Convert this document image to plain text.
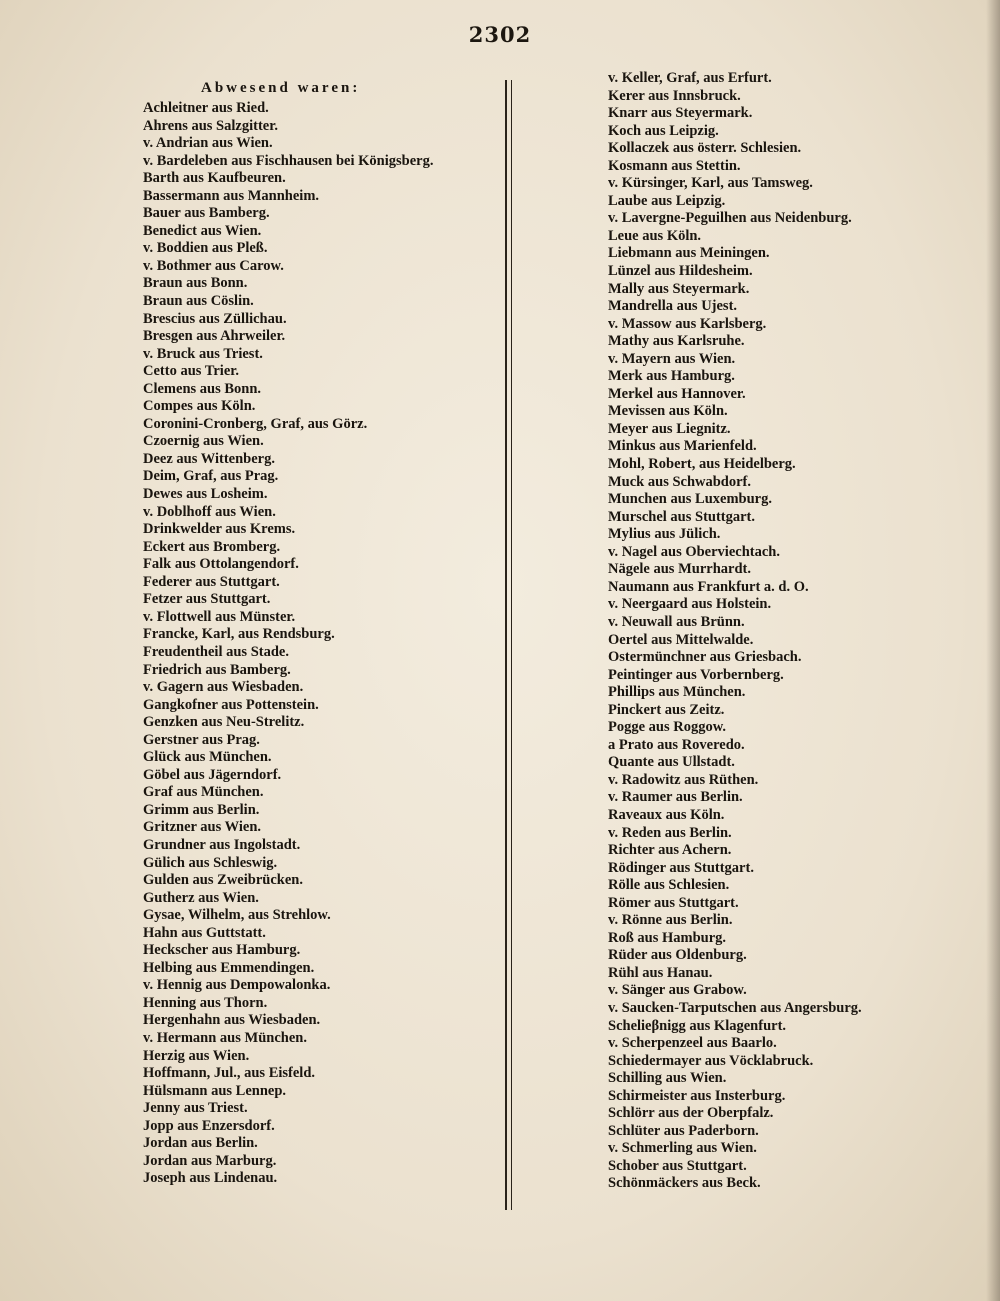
2302
Abwesend waren:
Achleitner aus Ried.
Ahrens aus Salzgitter.
v. Andrian aus Wien.
v. Bardeleben aus Fischhausen bei Königsberg.
Barth aus Kaufbeuren.
Bassermann aus Mannheim.
Bauer aus Bamberg.
Benedict aus Wien.
v. Boddien aus Pleß.
v. Bothmer aus Carow.
Braun aus Bonn.
Braun aus Cöslin.
Brescius aus Züllichau.
Bresgen aus Ahrweiler.
v. Bruck aus Triest.
Cetto aus Trier.
Clemens aus Bonn.
Compes aus Köln.
Coronini-Cronberg, Graf, aus Görz.
Czoernig aus Wien.
Deez aus Wittenberg.
Deim, Graf, aus Prag.
Dewes aus Losheim.
v. Doblhoff aus Wien.
Drinkwelder aus Krems.
Eckert aus Bromberg.
Falk aus Ottolangendorf.
Federer aus Stuttgart.
Fetzer aus Stuttgart.
v. Flottwell aus Münster.
Francke, Karl, aus Rendsburg.
Freudentheil aus Stade.
Friedrich aus Bamberg.
v. Gagern aus Wiesbaden.
Gangkofner aus Pottenstein.
Genzken aus Neu-Strelitz.
Gerstner aus Prag.
Glück aus München.
Göbel aus Jägerndorf.
Graf aus München.
Grimm aus Berlin.
Gritzner aus Wien.
Grundner aus Ingolstadt.
Gülich aus Schleswig.
Gulden aus Zweibrücken.
Gutherz aus Wien.
Gysae, Wilhelm, aus Strehlow.
Hahn aus Guttstatt.
Heckscher aus Hamburg.
Helbing aus Emmendingen.
v. Hennig aus Dempowalonka.
Henning aus Thorn.
Hergenhahn aus Wiesbaden.
v. Hermann aus München.
Herzig aus Wien.
Hoffmann, Jul., aus Eisfeld.
Hülsmann aus Lennep.
Jenny aus Triest.
Jopp aus Enzersdorf.
Jordan aus Berlin.
Jordan aus Marburg.
Joseph aus Lindenau.
v. Keller, Graf, aus Erfurt.
Kerer aus Innsbruck.
Knarr aus Steyermark.
Koch aus Leipzig.
Kollaczek aus österr. Schlesien.
Kosmann aus Stettin.
v. Kürsinger, Karl, aus Tamsweg.
Laube aus Leipzig.
v. Lavergne-Peguilhen aus Neidenburg.
Leue aus Köln.
Liebmann aus Meiningen.
Lünzel aus Hildesheim.
Mally aus Steyermark.
Mandrella aus Ujest.
v. Massow aus Karlsberg.
Mathy aus Karlsruhe.
v. Mayern aus Wien.
Merk aus Hamburg.
Merkel aus Hannover.
Mevissen aus Köln.
Meyer aus Liegnitz.
Minkus aus Marienfeld.
Mohl, Robert, aus Heidelberg.
Muck aus Schwabdorf.
Munchen aus Luxemburg.
Murschel aus Stuttgart.
Mylius aus Jülich.
v. Nagel aus Oberviechtach.
Nägele aus Murrhardt.
Naumann aus Frankfurt a. d. O.
v. Neergaard aus Holstein.
v. Neuwall aus Brünn.
Oertel aus Mittelwalde.
Ostermünchner aus Griesbach.
Peintinger aus Vorbernberg.
Phillips aus München.
Pinckert aus Zeitz.
Pogge aus Roggow.
a Prato aus Roveredo.
Quante aus Ullstadt.
v. Radowitz aus Rüthen.
v. Raumer aus Berlin.
Raveaux aus Köln.
v. Reden aus Berlin.
Richter aus Achern.
Rödinger aus Stuttgart.
Rölle aus Schlesien.
Römer aus Stuttgart.
v. Rönne aus Berlin.
Roß aus Hamburg.
Rüder aus Oldenburg.
Rühl aus Hanau.
v. Sänger aus Grabow.
v. Saucken-Tarputschen aus Angersburg.
Schelieβnigg aus Klagenfurt.
v. Scherpenzeel aus Baarlo.
Schiedermayer aus Vöcklabruck.
Schilling aus Wien.
Schirmeister aus Insterburg.
Schlörr aus der Oberpfalz.
Schlüter aus Paderborn.
v. Schmerling aus Wien.
Schober aus Stuttgart.
Schönmäckers aus Beck.
